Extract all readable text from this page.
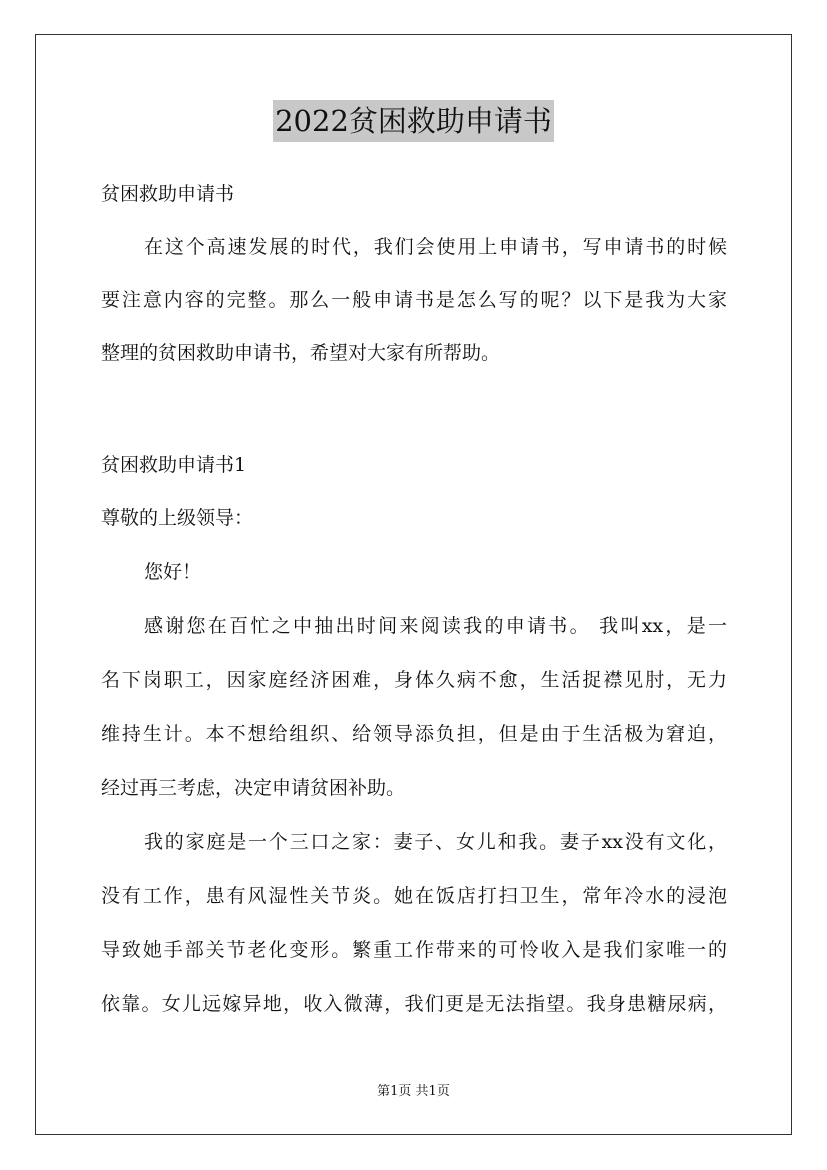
2022贫困救助申请书
贫困救助申请书
在这个高速发展的时代，我们会使用上申请书，写申请书的时候
要注意内容的完整。那么一般申请书是怎么写的呢？以下是我为大家
整理的贫困救助申请书，希望对大家有所帮助。
贫困救助申请书1
尊敬的上级领导：
您好！
感谢您在百忙之中抽出时间来阅读我的申请书。 我叫xx，是一
名下岗职工，因家庭经济困难，身体久病不愈，生活捉襟见肘，无力
维持生计。本不想给组织、给领导添负担，但是由于生活极为窘迫，
经过再三考虑，决定申请贫困补助。
我的家庭是一个三口之家：妻子、女儿和我。妻子xx没有文化，
没有工作，患有风湿性关节炎。她在饭店打扫卫生，常年冷水的浸泡
导致她手部关节老化变形。繁重工作带来的可怜收入是我们家唯一的
依靠。女儿远嫁异地，收入微薄，我们更是无法指望。我身患糖尿病，
第1页 共1页
